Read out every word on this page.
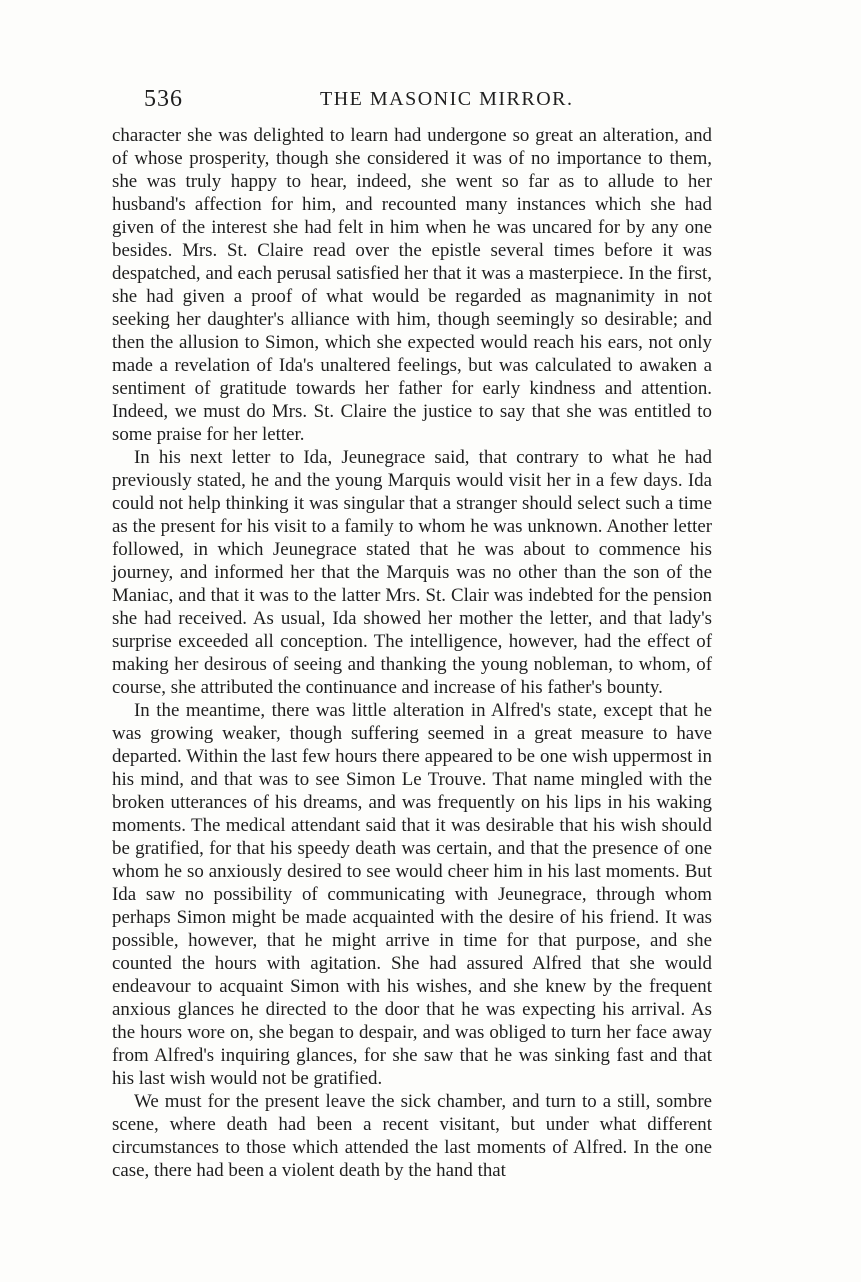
536	THE MASONIC MIRROR.

character she was delighted to learn had undergone so great an alteration, and of whose prosperity, though she considered it was of no importance to them, she was truly happy to hear, indeed, she went so far as to allude to her husband's affection for him, and recounted many instances which she had given of the interest she had felt in him when he was uncared for by any one besides. Mrs. St. Claire read over the epistle several times before it was despatched, and each perusal satisfied her that it was a masterpiece. In the first, she had given a proof of what would be regarded as magnanimity in not seeking her daughter's alliance with him, though seemingly so desirable; and then the allusion to Simon, which she expected would reach his ears, not only made a revelation of Ida's unaltered feelings, but was calculated to awaken a sentiment of gratitude towards her father for early kindness and attention. Indeed, we must do Mrs. St. Claire the justice to say that she was entitled to some praise for her letter.

In his next letter to Ida, Jeunegrace said, that contrary to what he had previously stated, he and the young Marquis would visit her in a few days. Ida could not help thinking it was singular that a stranger should select such a time as the present for his visit to a family to whom he was unknown. Another letter followed, in which Jeunegrace stated that he was about to commence his journey, and informed her that the Marquis was no other than the son of the Maniac, and that it was to the latter Mrs. St. Clair was indebted for the pension she had received. As usual, Ida showed her mother the letter, and that lady's surprise exceeded all conception. The intelligence, however, had the effect of making her desirous of seeing and thanking the young nobleman, to whom, of course, she attributed the continuance and increase of his father's bounty.

In the meantime, there was little alteration in Alfred's state, except that he was growing weaker, though suffering seemed in a great measure to have departed. Within the last few hours there appeared to be one wish uppermost in his mind, and that was to see Simon Le Trouve. That name mingled with the broken utterances of his dreams, and was frequently on his lips in his waking moments. The medical attendant said that it was desirable that his wish should be gratified, for that his speedy death was certain, and that the presence of one whom he so anxiously desired to see would cheer him in his last moments. But Ida saw no possibility of communicating with Jeunegrace, through whom perhaps Simon might be made acquainted with the desire of his friend. It was possible, however, that he might arrive in time for that purpose, and she counted the hours with agitation. She had assured Alfred that she would endeavour to acquaint Simon with his wishes, and she knew by the frequent anxious glances he directed to the door that he was expecting his arrival. As the hours wore on, she began to despair, and was obliged to turn her face away from Alfred's inquiring glances, for she saw that he was sinking fast and that his last wish would not be gratified.

We must for the present leave the sick chamber, and turn to a still, sombre scene, where death had been a recent visitant, but under what different circumstances to those which attended the last moments of Alfred. In the one case, there had been a violent death by the hand that
